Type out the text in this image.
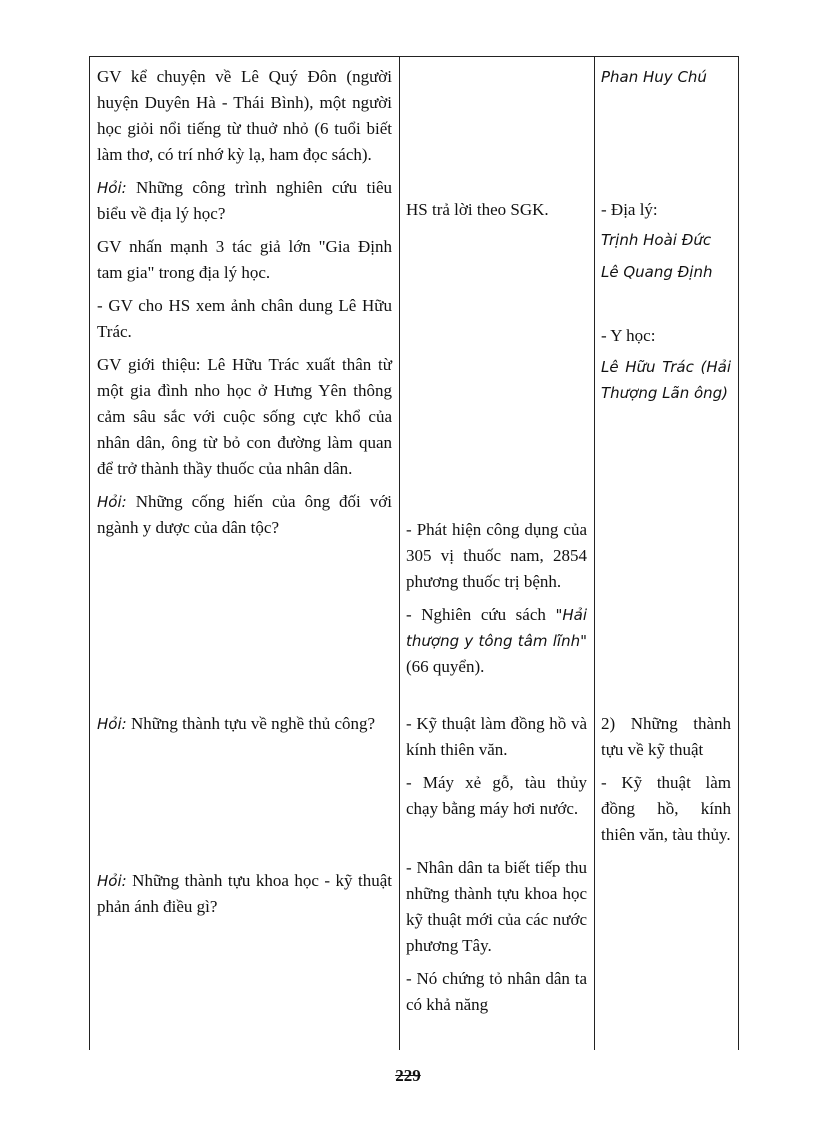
GV kể chuyện về Lê Quý Đôn (người huyện Duyên Hà - Thái Bình), một người học giỏi nổi tiếng từ thuở nhỏ (6 tuổi biết làm thơ, có trí nhớ kỳ lạ, ham đọc sách).

Hỏi: Những công trình nghiên cứu tiêu biểu về địa lý học?

GV nhấn mạnh 3 tác giả lớn "Gia Định tam gia" trong địa lý học.

- GV cho HS xem ảnh chân dung Lê Hữu Trác.

GV giới thiệu: Lê Hữu Trác xuất thân từ một gia đình nho học ở Hưng Yên thông cảm sâu sắc với cuộc sống cực khổ của nhân dân, ông từ bỏ con đường làm quan để trở thành thầy thuốc của nhân dân.

Hỏi: Những cống hiến của ông đối với ngành y dược của dân tộc?

Hỏi: Những thành tựu về nghề thủ công?
Hỏi: Những thành tựu khoa học - kỹ thuật phản ánh điều gì?
HS trả lời theo SGK.

- Phát hiện công dụng của 305 vị thuốc nam, 2854 phương thuốc trị bệnh.

- Nghiên cứu sách "Hải thượng y tông tâm lĩnh" (66 quyển).

- Kỹ thuật làm đồng hồ và kính thiên văn.

- Máy xẻ gỗ, tàu thủy chạy bằng máy hơi nước.

- Nhân dân ta biết tiếp thu những thành tựu khoa học kỹ thuật mới của các nước phương Tây.

- Nó chứng tỏ nhân dân ta có khả năng

Phan Huy Chú
- Địa lý:
Trịnh Hoài Đức
Lê Quang Định
- Y học:
Lê Hữu Trác (Hải Thượng Lãn ông)
2) Những thành tựu về kỹ thuật
- Kỹ thuật làm đồng hồ, kính thiên văn, tàu thủy.
229
